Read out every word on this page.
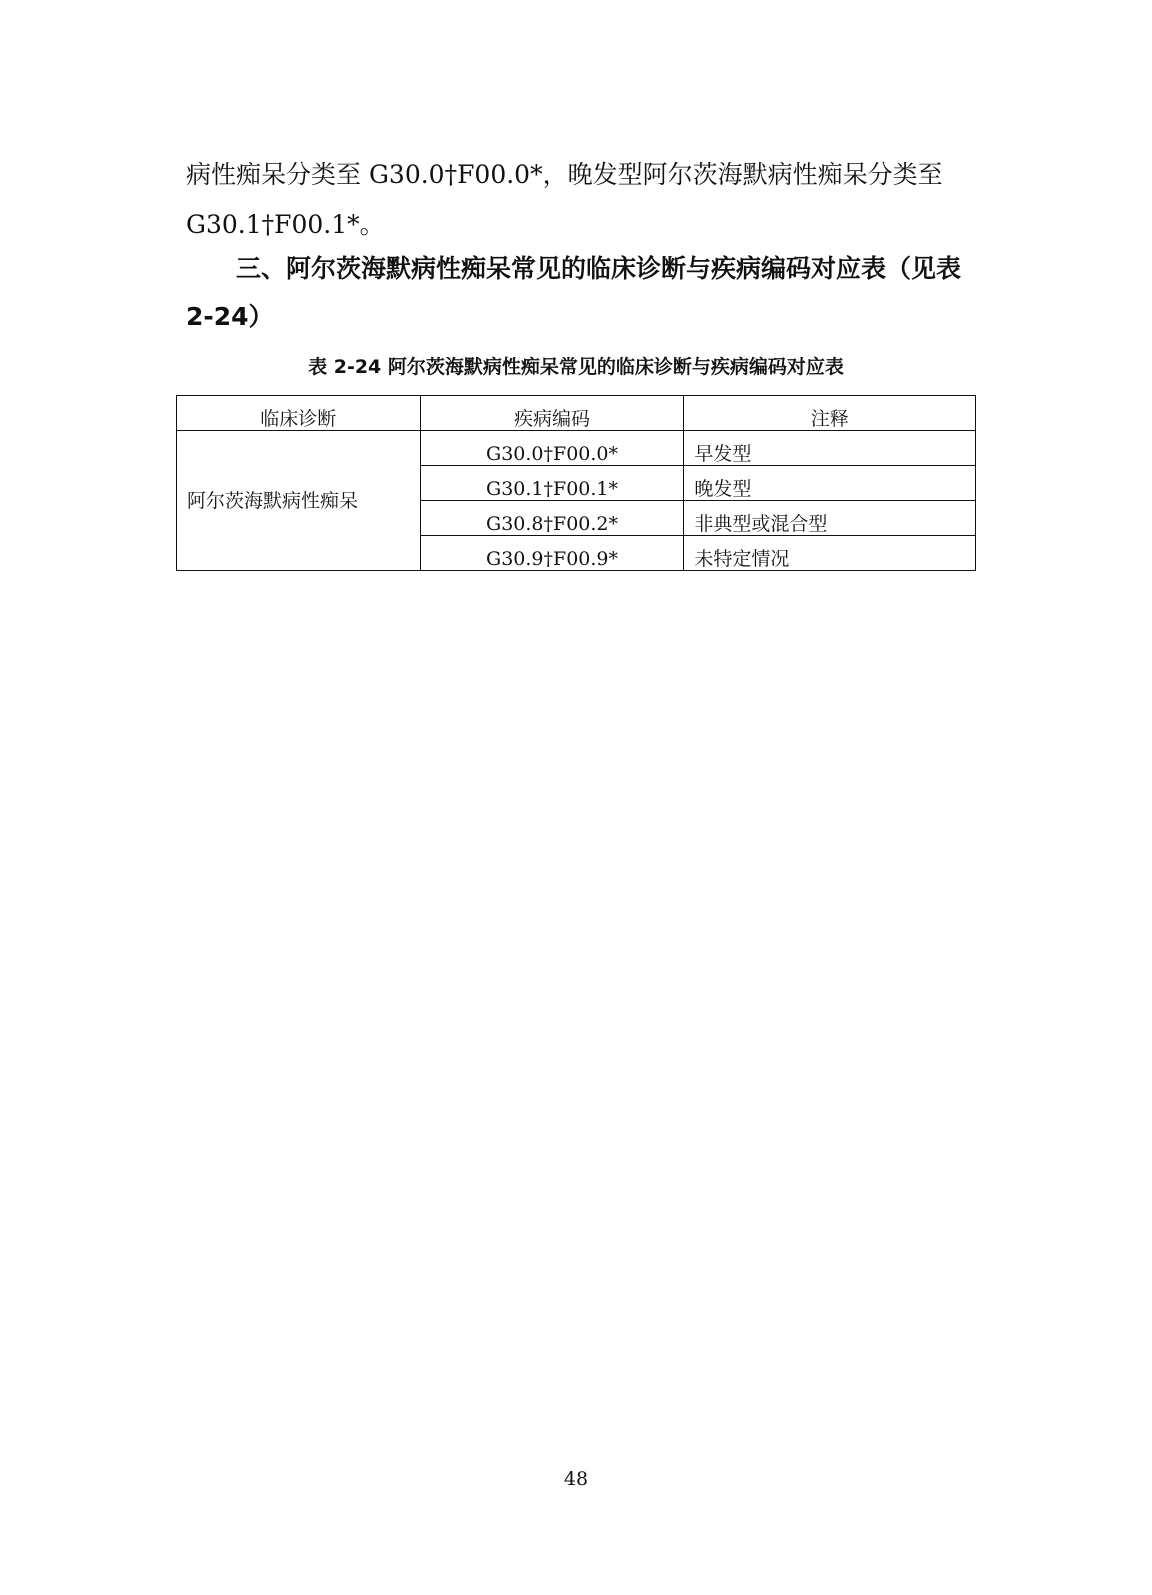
病性痴呆分类至 G30.0†F00.0*，晚发型阿尔茨海默病性痴呆分类至
G30.1†F00.1*。

三、阿尔茨海默病性痴呆常见的临床诊断与疾病编码对应表（见表2-24）

表 2-24 阿尔茨海默病性痴呆常见的临床诊断与疾病编码对应表

临床诊断	疾病编码	注释
阿尔茨海默病性痴呆	G30.0†F00.0*	早发型
	G30.1†F00.1*	晚发型
	G30.8†F00.2*	非典型或混合型
	G30.9†F00.9*	未特定情况

48
